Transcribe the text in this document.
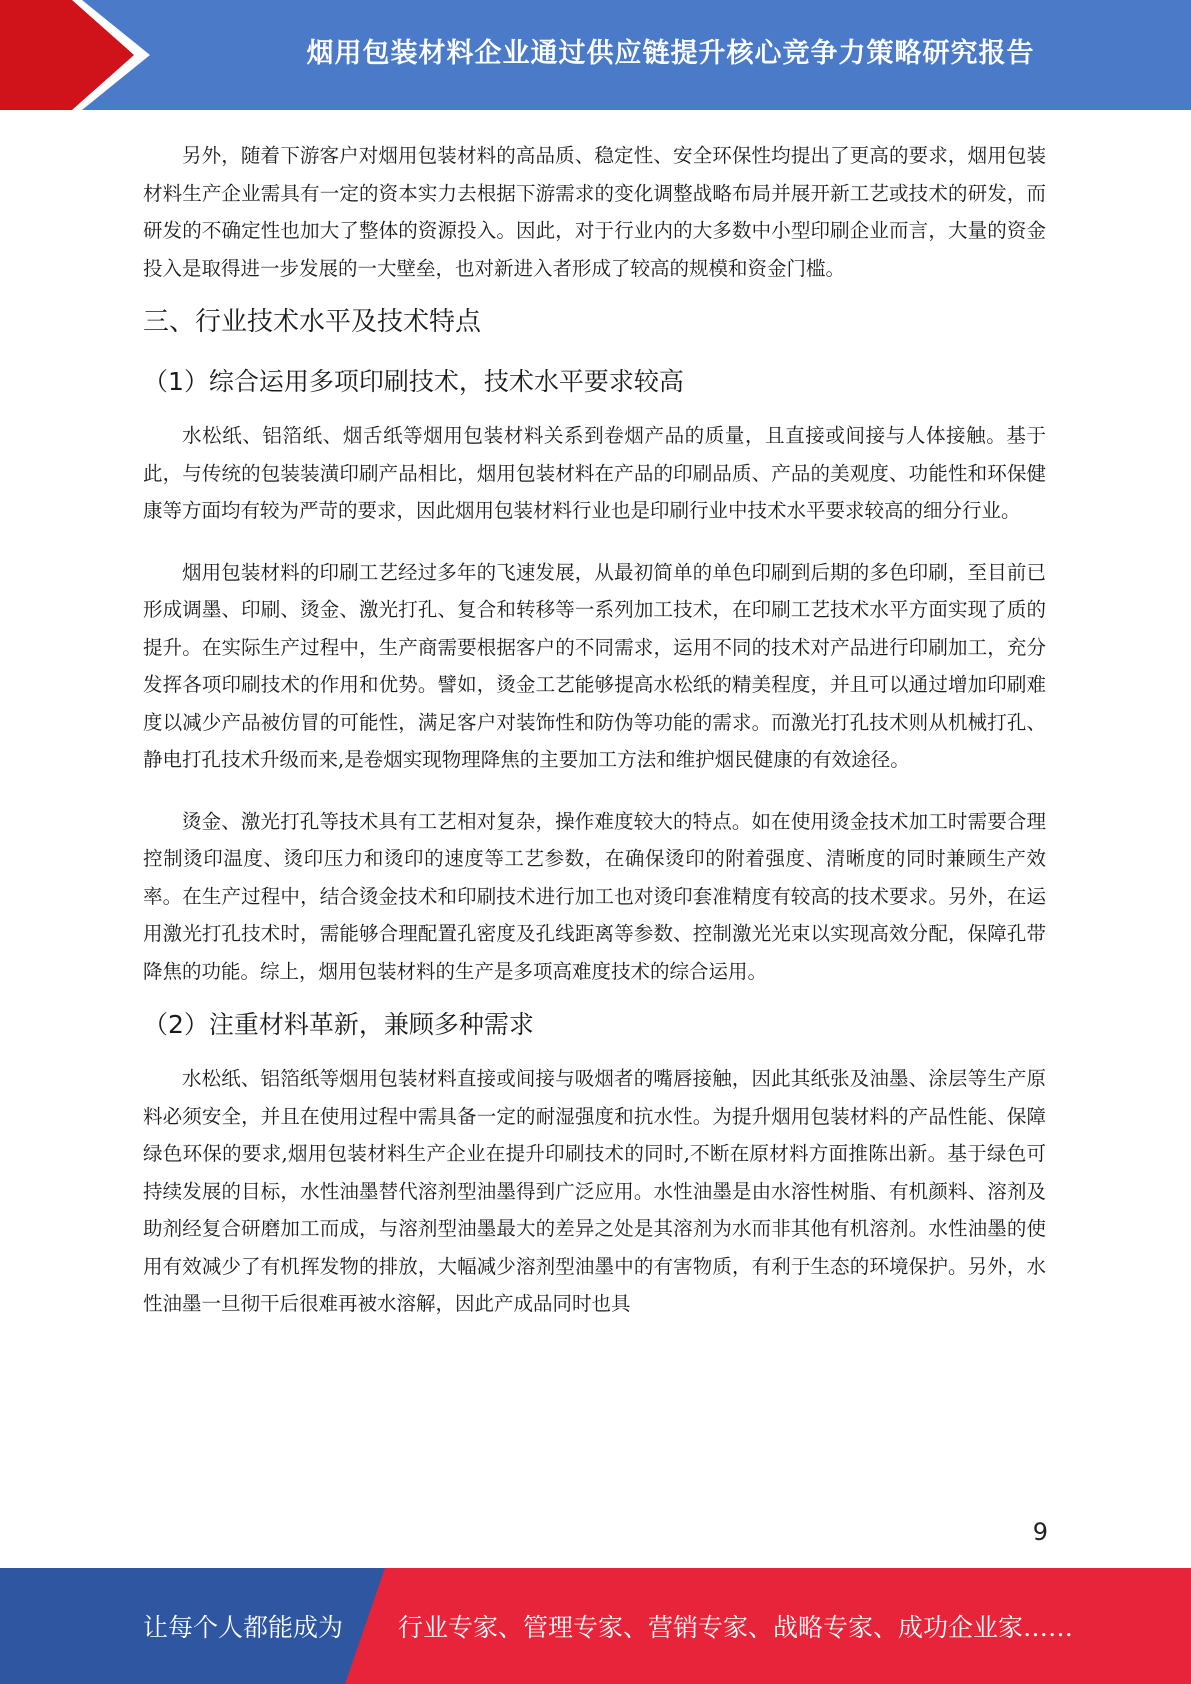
烟用包装材料企业通过供应链提升核心竞争力策略研究报告

另外，随着下游客户对烟用包装材料的高品质、稳定性、安全环保性均提出了更高的要求，烟用包装材料生产企业需具有一定的资本实力去根据下游需求的变化调整战略布局并展开新工艺或技术的研发，而研发的不确定性也加大了整体的资源投入。因此，对于行业内的大多数中小型印刷企业而言，大量的资金投入是取得进一步发展的一大壁垒，也对新进入者形成了较高的规模和资金门槛。

三、行业技术水平及技术特点
（1）综合运用多项印刷技术，技术水平要求较高

水松纸、铝箔纸、烟舌纸等烟用包装材料关系到卷烟产品的质量，且直接或间接与人体接触。基于此，与传统的包装装潢印刷产品相比，烟用包装材料在产品的印刷品质、产品的美观度、功能性和环保健康等方面均有较为严苛的要求，因此烟用包装材料行业也是印刷行业中技术水平要求较高的细分行业。

烟用包装材料的印刷工艺经过多年的飞速发展，从最初简单的单色印刷到后期的多色印刷，至目前已形成调墨、印刷、烫金、激光打孔、复合和转移等一系列加工技术，在印刷工艺技术水平方面实现了质的提升。在实际生产过程中，生产商需要根据客户的不同需求，运用不同的技术对产品进行印刷加工，充分发挥各项印刷技术的作用和优势。譬如，烫金工艺能够提高水松纸的精美程度，并且可以通过增加印刷难度以减少产品被仿冒的可能性，满足客户对装饰性和防伪等功能的需求。而激光打孔技术则从机械打孔、静电打孔技术升级而来,是卷烟实现物理降焦的主要加工方法和维护烟民健康的有效途径。

烫金、激光打孔等技术具有工艺相对复杂，操作难度较大的特点。如在使用烫金技术加工时需要合理控制烫印温度、烫印压力和烫印的速度等工艺参数，在确保烫印的附着强度、清晰度的同时兼顾生产效率。在生产过程中，结合烫金技术和印刷技术进行加工也对烫印套准精度有较高的技术要求。另外，在运用激光打孔技术时，需能够合理配置孔密度及孔线距离等参数、控制激光光束以实现高效分配，保障孔带降焦的功能。综上，烟用包装材料的生产是多项高难度技术的综合运用。

（2）注重材料革新，兼顾多种需求

水松纸、铝箔纸等烟用包装材料直接或间接与吸烟者的嘴唇接触，因此其纸张及油墨、涂层等生产原料必须安全，并且在使用过程中需具备一定的耐湿强度和抗水性。为提升烟用包装材料的产品性能、保障绿色环保的要求,烟用包装材料生产企业在提升印刷技术的同时,不断在原材料方面推陈出新。基于绿色可持续发展的目标，水性油墨替代溶剂型油墨得到广泛应用。水性油墨是由水溶性树脂、有机颜料、溶剂及助剂经复合研磨加工而成，与溶剂型油墨最大的差异之处是其溶剂为水而非其他有机溶剂。水性油墨的使用有效减少了有机挥发物的排放，大幅减少溶剂型油墨中的有害物质，有利于生态的环境保护。另外，水性油墨一旦彻干后很难再被水溶解，因此产成品同时也具

9
让每个人都能成为 行业专家、管理专家、营销专家、战略专家、成功企业家……
